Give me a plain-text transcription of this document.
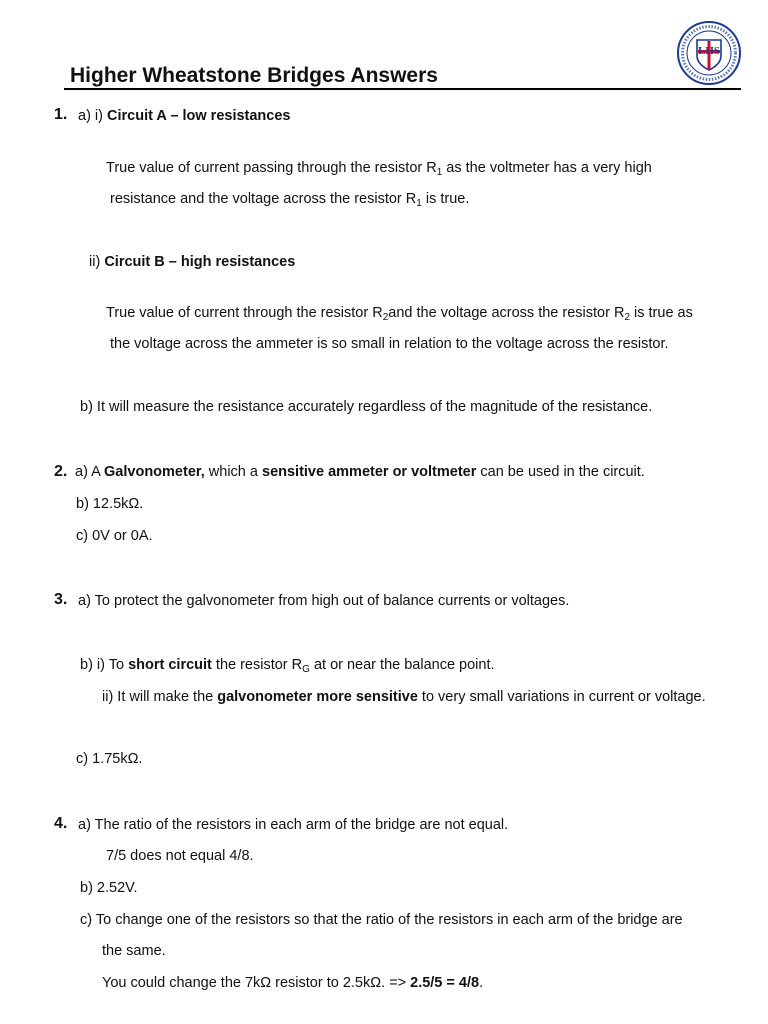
Higher Wheatstone Bridges Answers
LHS
1. a) i) Circuit A – low resistances
True value of current passing through the resistor $R_1$ as the voltmeter has a very high
resistance and the voltage across the resistor $R_1$ is true.
ii) Circuit B – high resistances
True value of current through the resistor $R_2and$ the voltage across the resistor $R_2$ is true as
the voltage across the ammeter is so small in relation to the voltage across the resistor.
b) It will measure the resistance accurately regardless of the magnitude of the resistance.
2. a) A Galvonometer, which a sensitive ammeter or voltmeter can be used in the circuit.
b) 12.5kΩ.
c) 0V or 0A.
3. a) To protect the galvonometer from high out of balance currents or voltages.
b) i) To short circuit the resistor $R_G$ at or near the balance point.
ii) It will make the galvonometer more sensitive to very small variations in current or voltage.
c) 1.75kΩ.
4. a) The ratio of the resistors in each arm of the bridge are not equal.
7/5 does not equal 4/8.
b) 2.52V.
c) To change one of the resistors so that the ratio of the resistors in each arm of the bridge are
the same.
You could change the 7kΩ resistor to 2.5kΩ. => 2.5/5 = 4/8.
